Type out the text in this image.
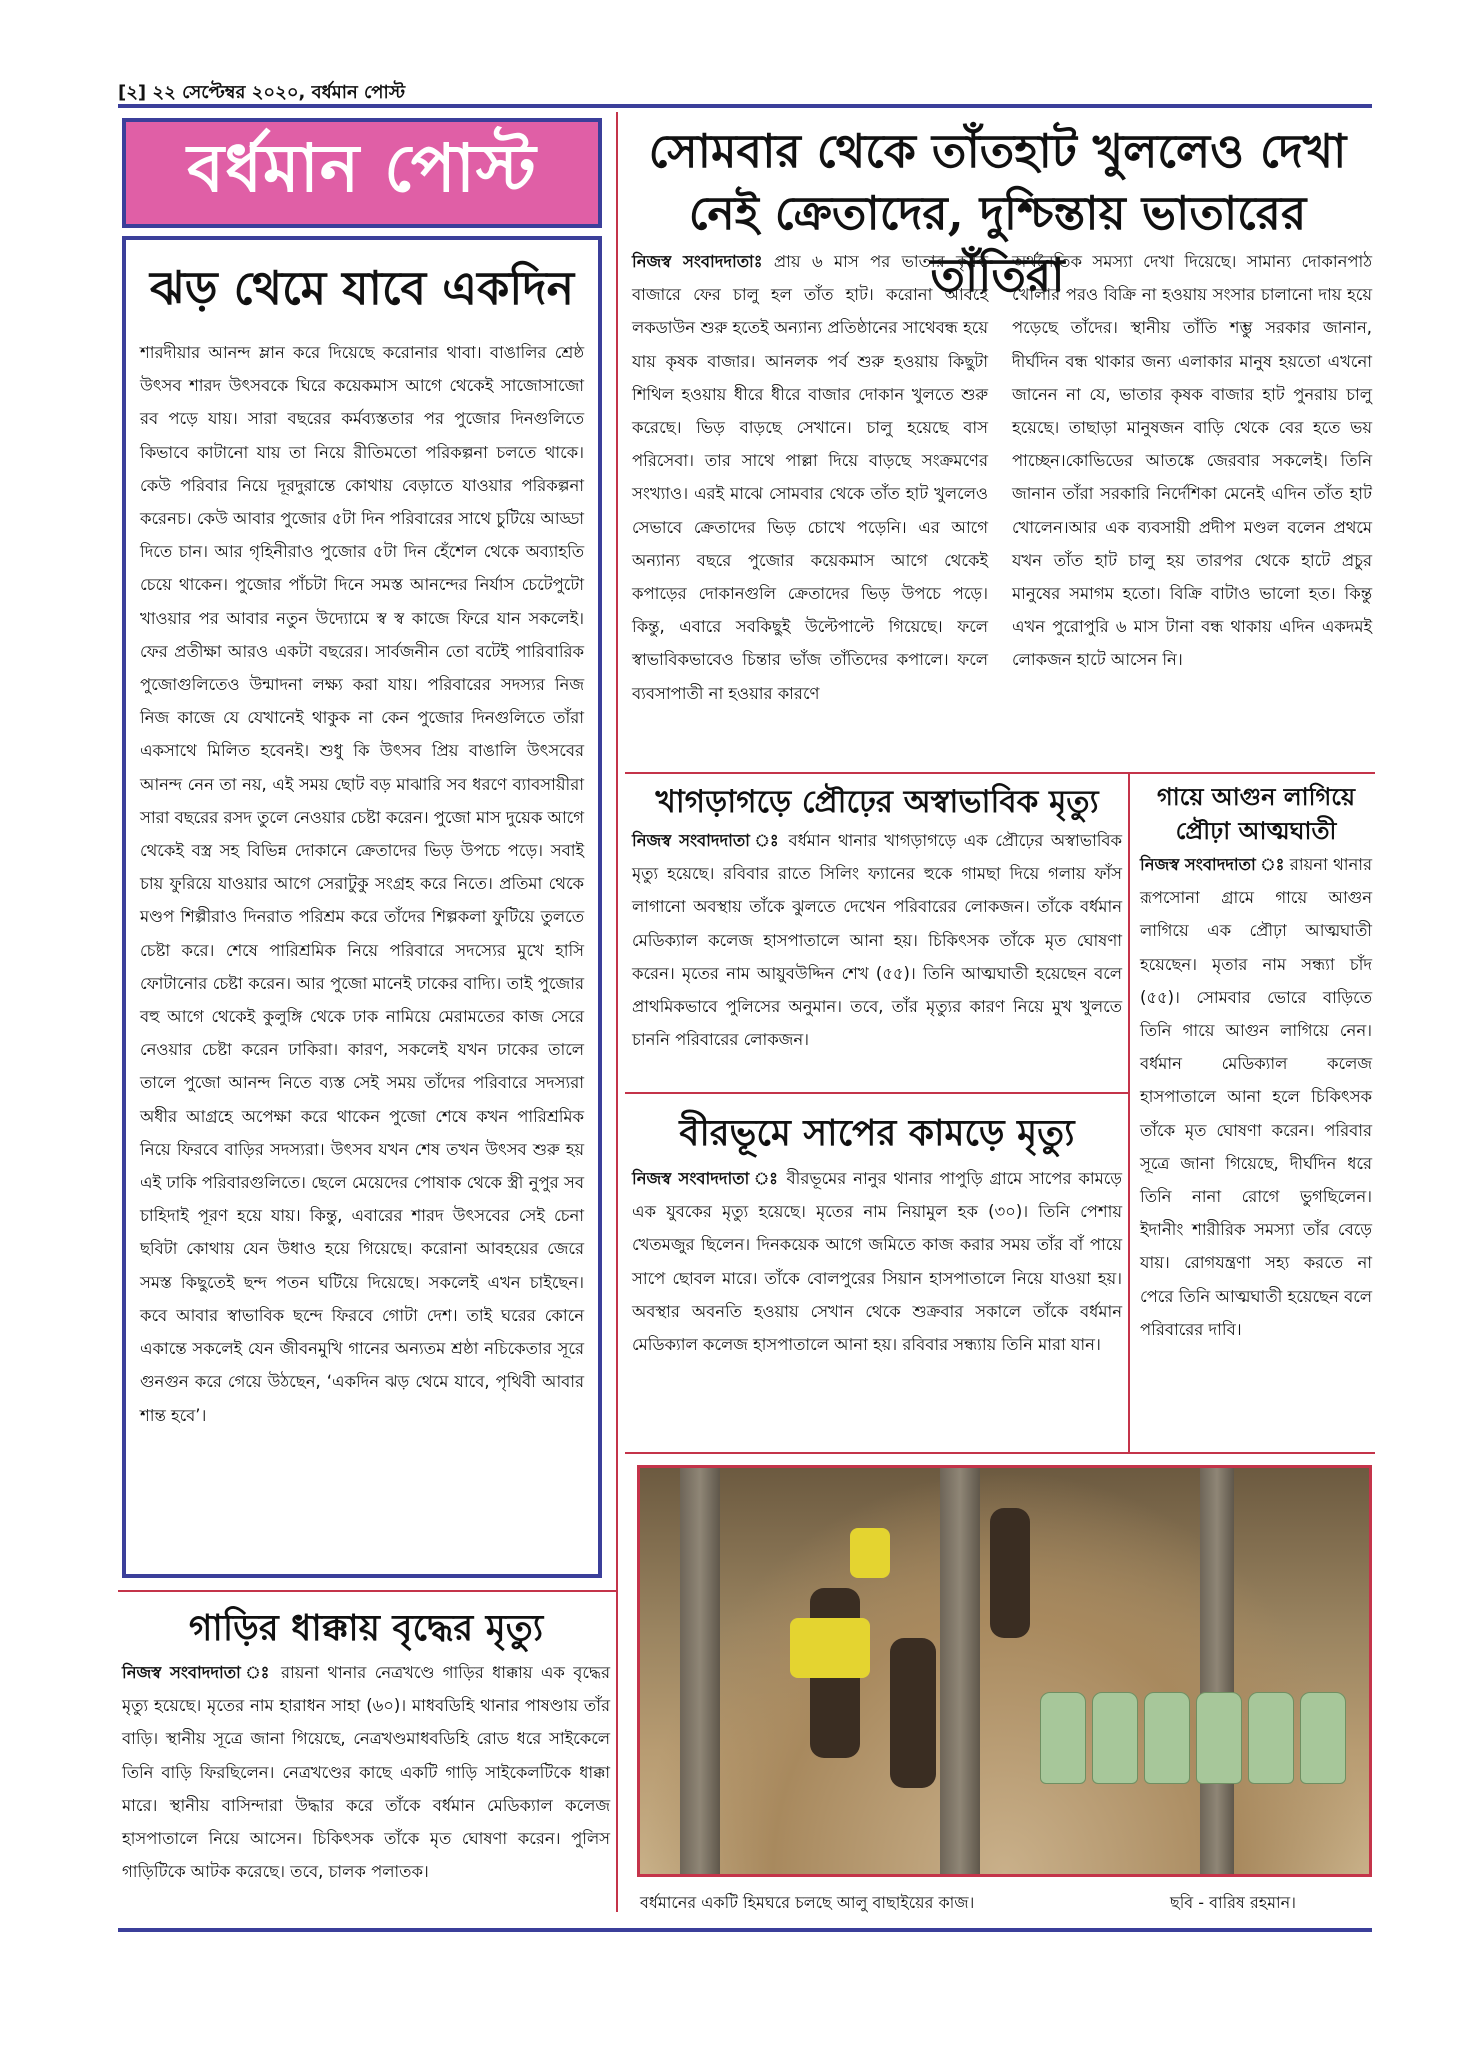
[২] ২২ সেপ্টেম্বর ২০২০, বর্ধমান পোস্ট
বর্ধমান পোস্ট
ঝড় থেমে যাবে একদিন

শারদীয়ার আনন্দ ম্লান করে দিয়েছে করোনার থাবা। বাঙালির শ্রেষ্ঠ উৎসব শারদ উৎসবকে ঘিরে কয়েকমাস আগে থেকেই সাজোসাজো রব পড়ে যায়। সারা বছরের কর্মব্যস্ততার পর পুজোর দিনগুলিতে কিভাবে কাটানো যায় তা নিয়ে রীতিমতো পরিকল্পনা চলতে থাকে। কেউ পরিবার নিয়ে দূরদুরান্তে কোথায় বেড়াতে যাওয়ার পরিকল্পনা করেনচ। কেউ আবার পুজোর ৫টা দিন পরিবারের সাথে চুটিয়ে আড্ডা দিতে চান। আর গৃহিনীরাও পুজোর ৫টা দিন হেঁশেল থেকে অব্যাহতি চেয়ে থাকেন। পুজোর পাঁচটা দিনে সমস্ত আনন্দের নির্যাস চেটেপুটো খাওয়ার পর আবার নতুন উদ্যোমে স্ব স্ব কাজে ফিরে যান সকলেই। ফের প্রতীক্ষা আরও একটা বছরের। সার্বজনীন তো বটেই পারিবারিক পুজোগুলিতেও উন্মাদনা লক্ষ্য করা যায়। পরিবারের সদস্যর নিজ নিজ কাজে যে যেখানেই থাকুক না কেন পুজোর দিনগুলিতে তাঁরা একসাথে মিলিত হবেনই। শুধু কি উৎসব প্রিয় বাঙালি উৎসবের আনন্দ নেন তা নয়, এই সময় ছোট বড় মাঝারি সব ধরণে ব্যাবসায়ীরা সারা বছরের রসদ তুলে নেওয়ার চেষ্টা করেন। পুজো মাস দুয়েক আগে থেকেই বস্ত্র সহ বিভিন্ন দোকানে ক্রেতাদের ভিড় উপচে পড়ে। সবাই চায় ফুরিয়ে যাওয়ার আগে সেরাটুকু সংগ্রহ করে নিতে। প্রতিমা থেকে মণ্ডপ শিল্পীরাও দিনরাত পরিশ্রম করে তাঁদের শিল্পকলা ফুটিয়ে তুলতে চেষ্টা করে। শেষে পারিশ্রমিক নিয়ে পরিবারে সদস্যের মুখে হাসি ফোটানোর চেষ্টা করেন। আর পুজো মানেই ঢাকের বাদ্যি। তাই পুজোর বহু আগে থেকেই কুলুঙ্গি থেকে ঢাক নামিয়ে মেরামতের কাজ সেরে নেওয়ার চেষ্টা করেন ঢাকিরা। কারণ, সকলেই যখন ঢাকের তালে তালে পুজো আনন্দ নিতে ব্যস্ত সেই সময় তাঁদের পরিবারে সদস্যরা অধীর আগ্রহে অপেক্ষা করে থাকেন পুজো শেষে কখন পারিশ্রমিক নিয়ে ফিরবে বাড়ির সদস্যরা। উৎসব যখন শেষ তখন উৎসব শুরু হয় এই ঢাকি পরিবারগুলিতে। ছেলে মেয়েদের পোষাক থেকে স্ত্রী নুপুর সব চাহিদাই পূরণ হয়ে যায়। কিন্তু, এবারের শারদ উৎসবের সেই চেনা ছবিটা কোথায় যেন উধাও হয়ে গিয়েছে। করোনা আবহয়ের জেরে সমস্ত কিছুতেই ছন্দ পতন ঘটিয়ে দিয়েছে। সকলেই এখন চাইছেন। কবে আবার স্বাভাবিক ছন্দে ফিরবে গোটা দেশ। তাই ঘরের কোনে একান্তে সকলেই যেন জীবনমুখি গানের অন্যতম শ্রষ্ঠা নচিকেতার সূরে গুনগুন করে গেয়ে উঠছেন, ‘একদিন ঝড় থেমে যাবে, পৃথিবী আবার শান্ত হবে’।

সোমবার থেকে তাঁতহাট খুললেও দেখা নেই ক্রেতাদের, দুশ্চিন্তায় ভাতারের তাঁতিরা
নিজস্ব সংবাদদাতাঃ প্রায় ৬ মাস পর ভাতার কৃষক বাজারে ফের চালু হল তাঁত হাট। করোনা আবহে লকডাউন শুরু হতেই অন্যান্য প্রতিষ্ঠানের সাথেবন্ধ হয়ে যায় কৃষক বাজার। আনলক পর্ব শুরু হওয়ায় কিছুটা শিথিল হওয়ায় ধীরে ধীরে বাজার দোকান খুলতে শুরু করেছে। ভিড় বাড়ছে সেখানে। চালু হয়েছে বাস পরিসেবা। তার সাথে পাল্লা দিয়ে বাড়ছে সংক্রমণের সংখ্যাও। এরই মাঝে সোমবার থেকে তাঁত হাট খুললেও সেভাবে ক্রেতাদের ভিড় চোখে পড়েনি। এর আগে অন্যান্য বছরে পুজোর কয়েকমাস আগে থেকেই কপাড়ের দোকানগুলি ক্রেতাদের ভিড় উপচে পড়ে। কিন্তু, এবারে সবকিছুই উল্টেপাল্টে গিয়েছে। ফলে স্বাভাবিকভাবেও চিন্তার ভাঁজ তাঁতিদের কপালে। ফলে ব্যবসাপাতী না হওয়ার কারণে
অর্থনৈতিক সমস্যা দেখা দিয়েছে। সামান্য দোকানপাঠ খোলার পরও বিক্রি না হওয়ায় সংসার চালানো দায় হয়ে পড়েছে তাঁদের। স্থানীয় তাঁতি শম্ভু সরকার জানান, দীর্ঘদিন বন্ধ থাকার জন্য এলাকার মানুষ হয়তো এখনো জানেন না যে, ভাতার কৃষক বাজার হাট পুনরায় চালু হয়েছে। তাছাড়া মানুষজন বাড়ি থেকে বের হতে ভয় পাচ্ছেন।কোভিডের আতঙ্কে জেরবার সকলেই। তিনি জানান তাঁরা সরকারি নির্দেশিকা মেনেই এদিন তাঁত হাট খোলেন।আর এক ব্যবসায়ী প্রদীপ মণ্ডল বলেন প্রথমে যখন তাঁত হাট চালু হয় তারপর থেকে হাটে প্রচুর মানুষের সমাগম হতো। বিক্রি বাটাও ভালো হত। কিন্তু এখন পুরোপুরি ৬ মাস টানা বন্ধ থাকায় এদিন একদমই লোকজন হাটে আসেন নি।
খাগড়াগড়ে প্রৌঢ়ের অস্বাভাবিক মৃত্যু

নিজস্ব সংবাদদাতা ঃ বর্ধমান থানার খাগড়াগড়ে এক প্রৌঢ়ের অস্বাভাবিক মৃত্যু হয়েছে। রবিবার রাতে সিলিং ফ্যানের হুকে গামছা দিয়ে গলায় ফাঁস লাগানো অবস্থায় তাঁকে ঝুলতে দেখেন পরিবারের লোকজন। তাঁকে বর্ধমান মেডিক্যাল কলেজ হাসপাতালে আনা হয়। চিকিৎসক তাঁকে মৃত ঘোষণা করেন। মৃতের নাম আয়ুবউদ্দিন শেখ (৫৫)। তিনি আত্মঘাতী হয়েছেন বলে প্রাথমিকভাবে পুলিসের অনুমান। তবে, তাঁর মৃত্যুর কারণ নিয়ে মুখ খুলতে চাননি পরিবারের লোকজন।

বীরভূমে সাপের কামড়ে মৃত্যু

নিজস্ব সংবাদদাতা ঃ বীরভূমের নানুর থানার পাপুড়ি গ্রামে সাপের কামড়ে এক যুবকের মৃত্যু হয়েছে। মৃতের নাম নিয়ামুল হক (৩০)। তিনি পেশায় খেতমজুর ছিলেন। দিনকয়েক আগে জমিতে কাজ করার সময় তাঁর বাঁ পায়ে সাপে ছোবল মারে। তাঁকে বোলপুরের সিয়ান হাসপাতালে নিয়ে যাওয়া হয়। অবস্থার অবনতি হওয়ায় সেখান থেকে শুক্রবার সকালে তাঁকে বর্ধমান মেডিক্যাল কলেজ হাসপাতালে আনা হয়। রবিবার সন্ধ্যায় তিনি মারা যান।

গায়ে আগুন লাগিয়ে প্রৌঢ়া আত্মঘাতী

নিজস্ব সংবাদদাতা ঃ রায়না থানার রূপসোনা গ্রামে গায়ে আগুন লাগিয়ে এক প্রৌঢ়া আত্মঘাতী হয়েছেন। মৃতার নাম সন্ধ্যা চাঁদ (৫৫)। সোমবার ভোরে বাড়িতে তিনি গায়ে আগুন লাগিয়ে নেন। বর্ধমান মেডিক্যাল কলেজ হাসপাতালে আনা হলে চিকিৎসক তাঁকে মৃত ঘোষণা করেন। পরিবার সূত্রে জানা গিয়েছে, দীর্ঘদিন ধরে তিনি নানা রোগে ভুগছিলেন। ইদানীং শারীরিক সমস্যা তাঁর বেড়ে যায়। রোগযন্ত্রণা সহ্য করতে না পেরে তিনি আত্মঘাতী হয়েছেন বলে পরিবারের দাবি।

গাড়ির ধাক্কায় বৃদ্ধের মৃত্যু

নিজস্ব সংবাদদাতা ঃ রায়না থানার নেত্রখণ্ডে গাড়ির ধাক্কায় এক বৃদ্ধের মৃত্যু হয়েছে। মৃতের নাম হারাধন সাহা (৬০)। মাধবডিহি থানার পাষণ্ডায় তাঁর বাড়ি। স্থানীয় সূত্রে জানা গিয়েছে, নেত্রখণ্ডমাধবডিহি রোড ধরে সাইকেলে তিনি বাড়ি ফিরছিলেন। নেত্রখণ্ডের কাছে একটি গাড়ি সাইকেলটিকে ধাক্কা মারে। স্থানীয় বাসিন্দারা উদ্ধার করে তাঁকে বর্ধমান মেডিক্যাল কলেজ হাসপাতালে নিয়ে আসেন। চিকিৎসক তাঁকে মৃত ঘোষণা করেন। পুলিস গাড়িটিকে আটক করেছে। তবে, চালক পলাতক।

বর্ধমানের একটি হিমঘরে চলছে আলু বাছাইয়ের কাজ।	ছবি - বারিষ রহমান।
